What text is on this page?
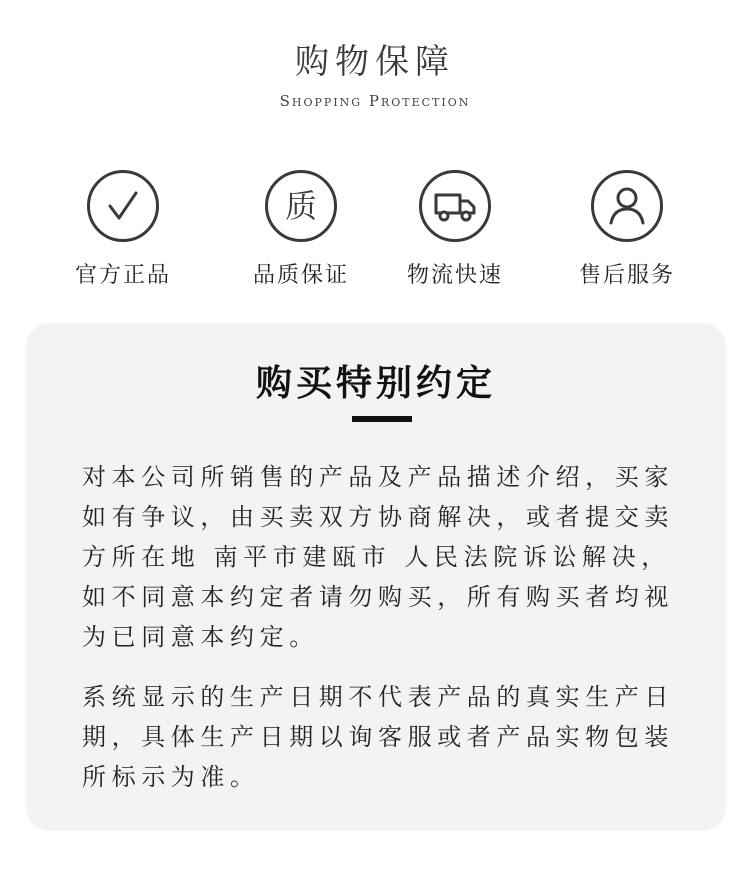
购物保障
Shopping Protection
官方正品
质
品质保证	物流快速	售后服务
购买特别约定
对本公司所销售的产品及产品描述介绍，买家如有争议，由买卖双方协商解决，或者提交卖方所在地 南平市建瓯市 人民法院诉讼解决，如不同意本约定者请勿购买，所有购买者均视为已同意本约定。
系统显示的生产日期不代表产品的真实生产日期，具体生产日期以询客服或者产品实物包装所标示为准。
